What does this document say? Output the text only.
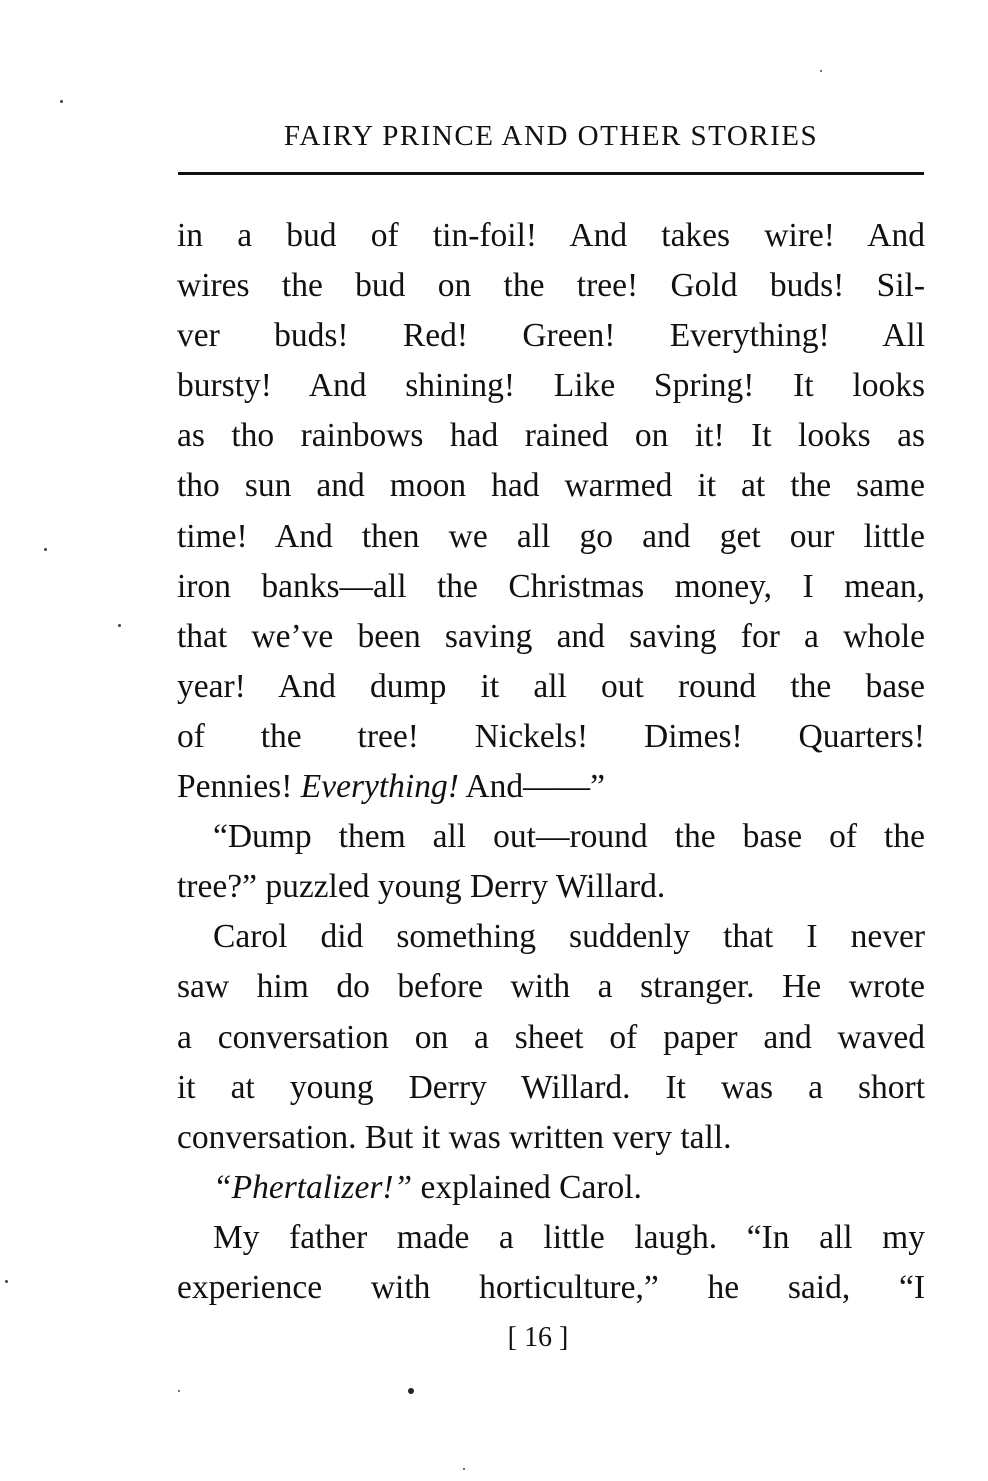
FAIRY PRINCE AND OTHER STORIES
in a bud of tin-foil! And takes wire! And
wires the bud on the tree! Gold buds! Sil-
ver buds! Red! Green! Everything! All
bursty! And shining! Like Spring! It looks
as tho rainbows had rained on it! It looks as
tho sun and moon had warmed it at the same
time! And then we all go and get our little
iron banks—all the Christmas money, I mean,
that we’ve been saving and saving for a whole
year! And dump it all out round the base
of the tree! Nickels! Dimes! Quarters!
Pennies! Everything! And——”
“Dump them all out—round the base of the
tree?” puzzled young Derry Willard.
Carol did something suddenly that I never
saw him do before with a stranger. He wrote
a conversation on a sheet of paper and waved
it at young Derry Willard. It was a short
conversation. But it was written very tall.
“Phertalizer!” explained Carol.
My father made a little laugh. “In all my
experience with horticulture,” he said, “I
[ 16 ]
